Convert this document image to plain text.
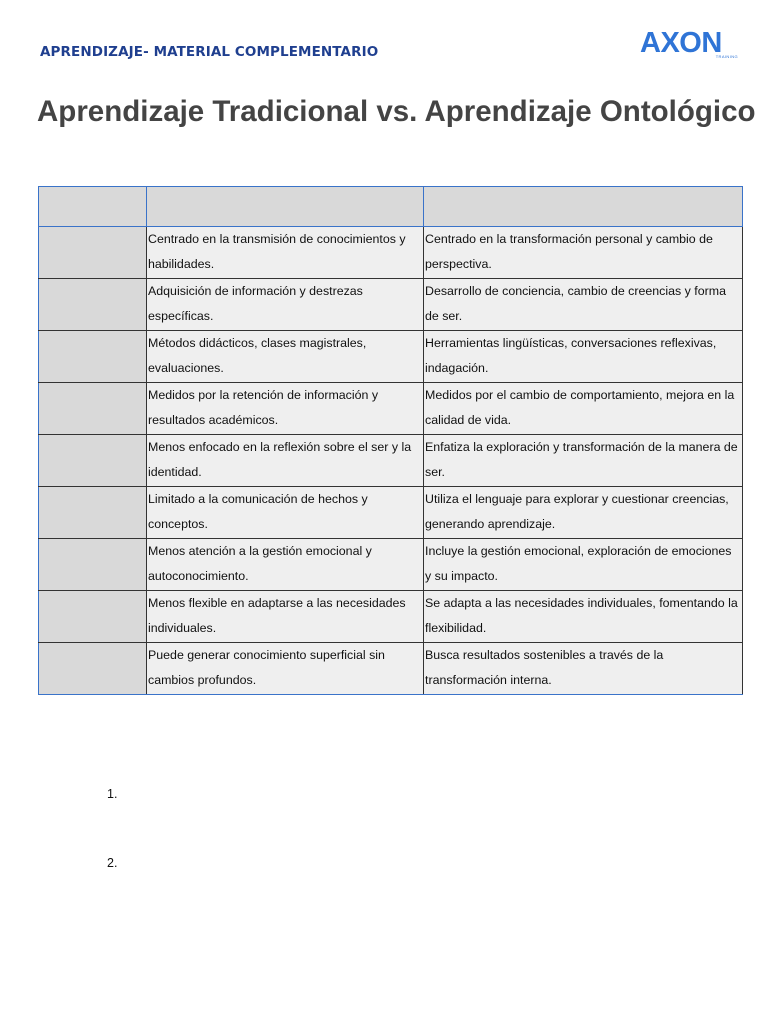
APRENDIZAJE- MATERIAL COMPLEMENTARIO	AXON
TRAINING
Aprendizaje Tradicional vs. Aprendizaje Ontológico

	Centrado en la transmisión de conocimientos y habilidades.	Centrado en la transformación personal y cambio de perspectiva.
	Adquisición de información y destrezas específicas.	Desarrollo de conciencia, cambio de creencias y forma de ser.
	Métodos didácticos, clases magistrales, evaluaciones.	Herramientas lingüísticas, conversaciones reflexivas, indagación.
	Medidos por la retención de información y resultados académicos.	Medidos por el cambio de comportamiento, mejora en la calidad de vida.
	Menos enfocado en la reflexión sobre el ser y la identidad.	Enfatiza la exploración y transformación de la manera de ser.
	Limitado a la comunicación de hechos y conceptos.	Utiliza el lenguaje para explorar y cuestionar creencias, generando aprendizaje.
	Menos atención a la gestión emocional y autoconocimiento.	Incluye la gestión emocional, exploración de emociones y su impacto.
	Menos flexible en adaptarse a las necesidades individuales.	Se adapta a las necesidades individuales, fomentando la flexibilidad.
	Puede generar conocimiento superficial sin cambios profundos.	Busca resultados sostenibles a través de la transformación interna.
1.
2.
